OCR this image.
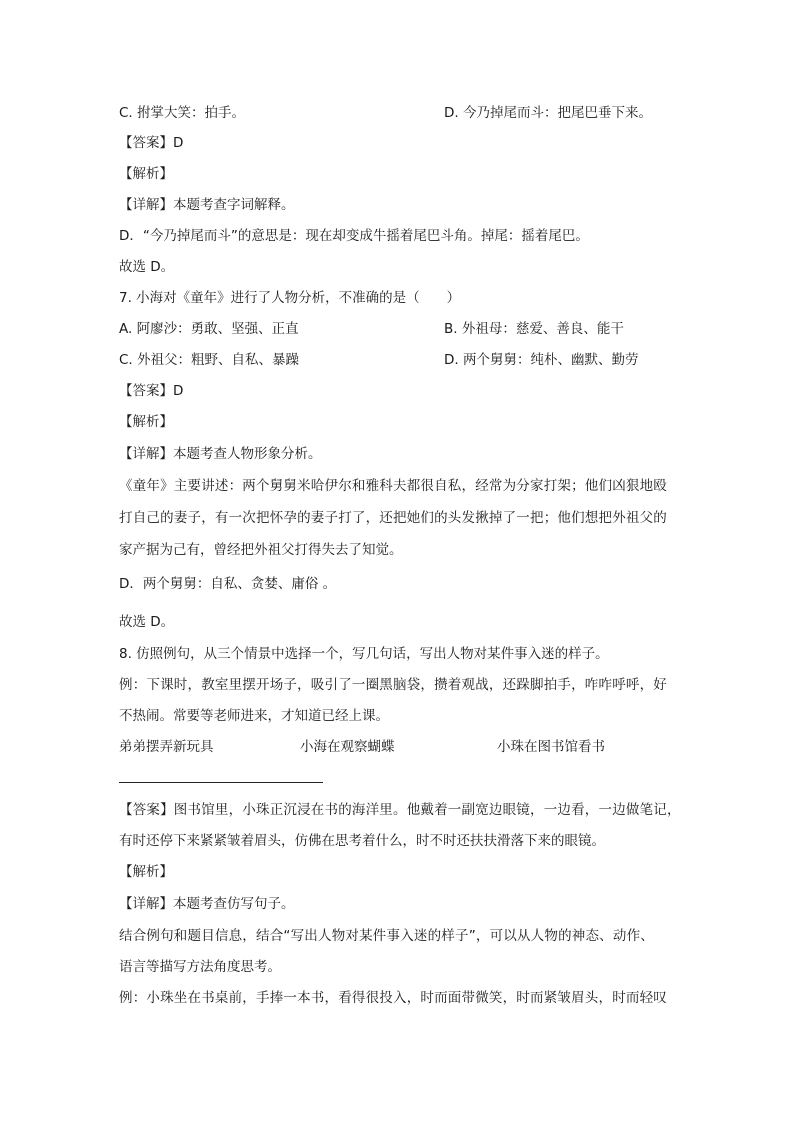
C. 拊掌大笑：拍手。	D. 今乃掉尾而斗：把尾巴垂下来。
【答案】D
【解析】
【详解】本题考查字词解释。
D．“今乃掉尾而斗”的意思是：现在却变成牛摇着尾巴斗角。掉尾：摇着尾巴。
故选 D。
7. 小海对《童年》进行了人物分析，不准确的是（　　）
A. 阿廖沙：勇敢、坚强、正直	B. 外祖母：慈爱、善良、能干
C. 外祖父：粗野、自私、暴躁	D. 两个舅舅：纯朴、幽默、勤劳
【答案】D
【解析】
【详解】本题考查人物形象分析。
《童年》主要讲述：两个舅舅米哈伊尔和雅科夫都很自私，经常为分家打架；他们凶狠地殴
打自己的妻子，有一次把怀孕的妻子打了，还把她们的头发揪掉了一把；他们想把外祖父的
家产据为己有，曾经把外祖父打得失去了知觉。
D．两个舅舅：自私、贪婪、庸俗 。
故选 D。
8. 仿照例句，从三个情景中选择一个，写几句话，写出人物对某件事入迷的样子。
例：下课时，教室里摆开场子，吸引了一圈黑脑袋，攒着观战，还跺脚拍手，咋咋呼呼，好
不热闹。常要等老师进来，才知道已经上课。
弟弟摆弄新玩具	小海在观察蝴蝶	小珠在图书馆看书
【答案】图书馆里，小珠正沉浸在书的海洋里。他戴着一副宽边眼镜，一边看，一边做笔记，
有时还停下来紧紧皱着眉头，仿佛在思考着什么，时不时还扶扶滑落下来的眼镜。
【解析】
【详解】本题考查仿写句子。
结合例句和题目信息，结合“写出人物对某件事入迷的样子”，可以从人物的神态、动作、
语言等描写方法角度思考。
例：小珠坐在书桌前，手捧一本书，看得很投入，时而面带微笑，时而紧皱眉头，时而轻叹
